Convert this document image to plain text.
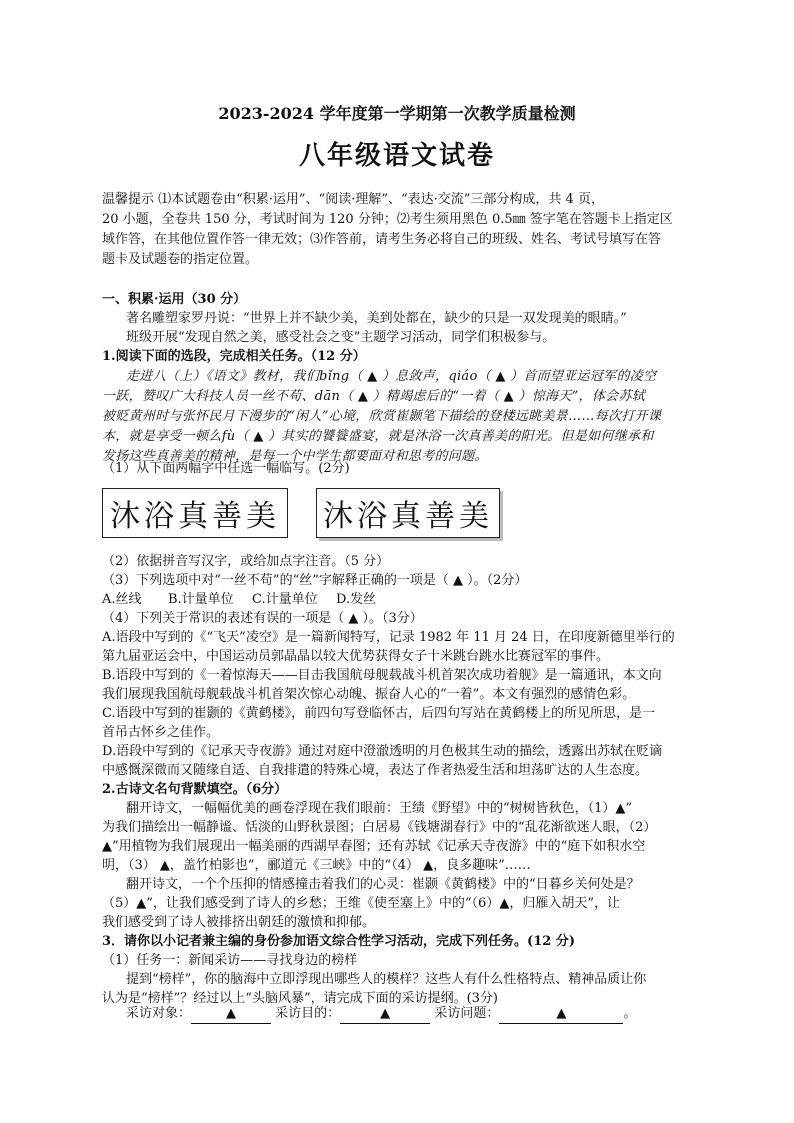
2023-2024 学年度第一学期第一次教学质量检测
八年级语文试卷
温馨提示 ⑴本试题卷由“积累·运用”、“阅读·理解”、“表达·交流”三部分构成，共 4 页，
20 小题，全卷共 150 分，考试时间为 120 分钟；⑵考生须用黑色 0.5㎜ 签字笔在答题卡上指定区
域作答，在其他位置作答一律无效；⑶作答前，请考生务必将自己的班级、姓名、考试号填写在答
题卡及试题卷的指定位置。
一、积累·运用（30 分）
著名雕塑家罗丹说：“世界上并不缺少美，美到处都在，缺少的只是一双发现美的眼睛。”
班级开展“发现自然之美，感受社会之变”主题学习活动，同学们积极参与。
1.阅读下面的选段，完成相关任务。（12 分）
走进八（上）《语文》教材，我们bǐng（ ▲ ）息敛声，qiáo（ ▲ ）首而望亚运冠军的凌空
一跃，赞叹广大科技人员一丝不苟、dān（ ▲ ）精竭虑后的“一着（ ▲ ）惊海天”，体会苏轼
被贬黄州时与张怀民月下漫步的“闲人”心境，欣赏崔颢笔下描绘的登楼远眺美景……每次打开课
本，就是享受一顿么fù（ ▲ ）其实的饕餮盛宴，就是沐浴一次真善美的阳光。但是如何继承和
发扬这些真善美的精神，是每一个中学生都要面对和思考的问题。
（1）从下面两幅字中任选一幅临写。(2分)
沐浴真善美 沐浴真善美
（2）依据拼音写汉字，或给加点字注音。（5 分）
（3）下列选项中对“一丝不苟”的“丝”字解释正确的一项是（ ▲ ）。（2分）
A.丝线 B.计量单位 C.计量单位 D.发丝
（4）下列关于常识的表述有误的一项是（ ▲ ）。（3分）
A.语段中写到的《“飞天”凌空》是一篇新闻特写，记录 1982 年 11 月 24 日，在印度新德里举行的
第九届亚运会中，中国运动员郭晶晶以较大优势获得女子十米跳台跳水比赛冠军的事件。
B.语段中写到的《一着惊海天——目击我国航母舰载战斗机首架次成功着舰》是一篇通讯，本文向
我们展现我国航母舰载战斗机首架次惊心动魄、振奋人心的“一着”。本文有强烈的感情色彩。
C.语段中写到的崔颢的《黄鹤楼》，前四句写登临怀古，后四句写站在黄鹤楼上的所见所思，是一
首吊古怀乡之佳作。
D.语段中写到的《记承天寺夜游》通过对庭中澄澈透明的月色极其生动的描绘，透露出苏轼在贬谪
中感慨深微而又随缘自适、自我排遣的特殊心境，表达了作者热爱生活和坦荡旷达的人生态度。
2.古诗文名句背默填空。（6分）
翻开诗文，一幅幅优美的画卷浮现在我们眼前：王绩《野望》中的“树树皆秋色，（1）▲”
为我们描绘出一幅静谧、恬淡的山野秋景图；白居易《钱塘湖春行》中的“乱花渐欲迷人眼，（2）
▲”用植物为我们展现出一幅美丽的西湖早春图；还有苏轼《记承天寺夜游》中的“庭下如积水空
明，（3） ▲，盖竹柏影也”，郦道元《三峡》中的“（4） ▲，良多趣味”……
翻开诗文，一个个压抑的情感撞击着我们的心灵：崔颢《黄鹤楼》中的“日暮乡关何处是？
（5）▲”，让我们感受到了诗人的乡愁；王维《使至塞上》中的“（6）▲，归雁入胡天”，让
我们感受到了诗人被排挤出朝廷的激愤和抑郁。
3．请你以小记者兼主编的身份参加语文综合性学习活动，完成下列任务。(12 分)
（1）任务一：新闻采访——寻找身边的榜样
提到“榜样”，你的脑海中立即浮现出哪些人的模样？这些人有什么性格特点、精神品质让你
认为是“榜样”？经过以上“头脑风暴”，请完成下面的采访提纲。(3分)
采访对象：	▲	采访目的：	▲	采访问题：	▲	。
